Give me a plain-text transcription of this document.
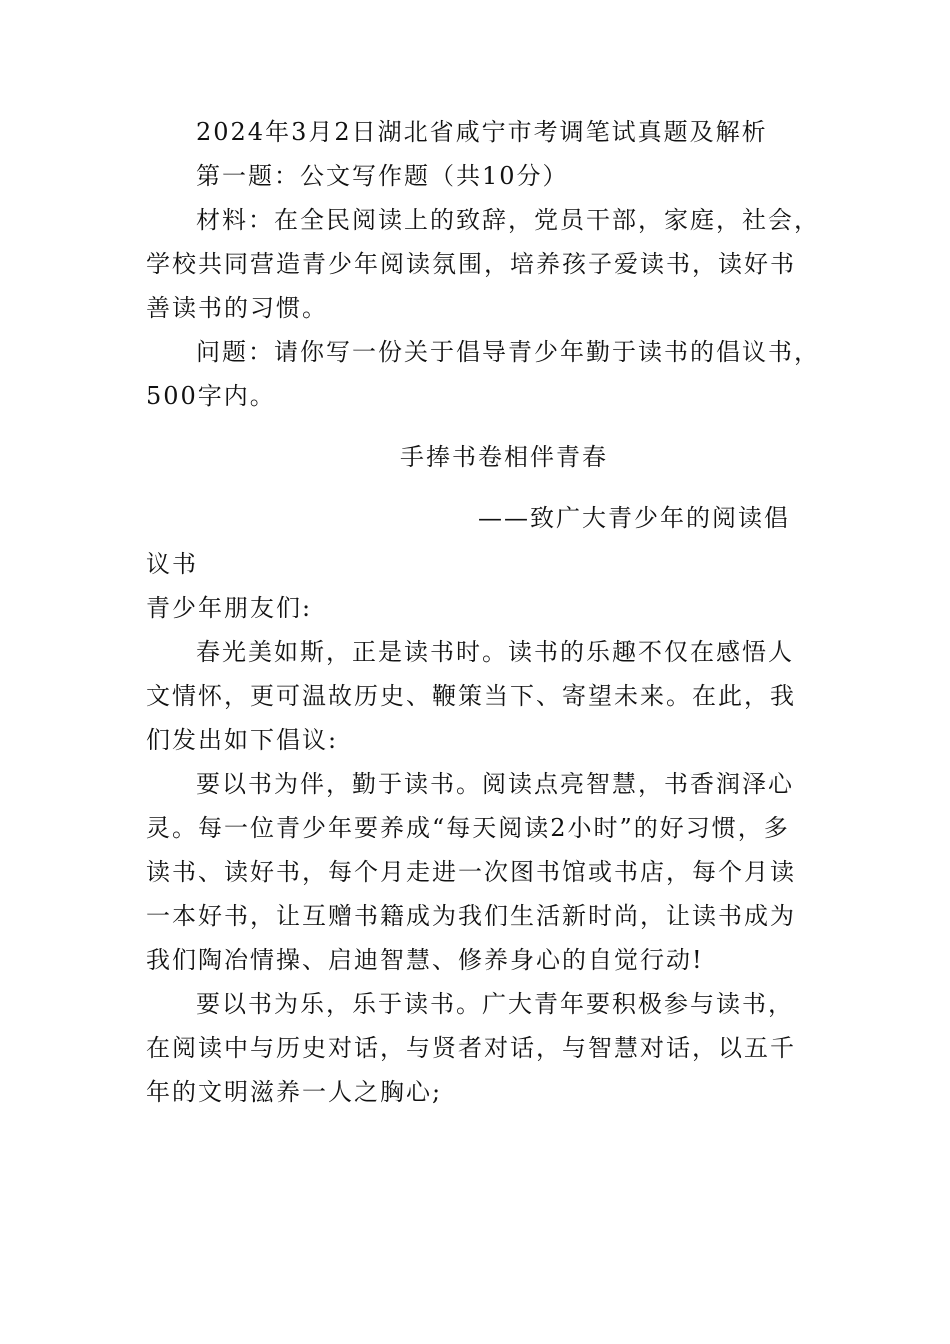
2024年3月2日湖北省咸宁市考调笔试真题及解析
第一题：公文写作题（共10分）
材料：在全民阅读上的致辞，党员干部，家庭，社会，
学校共同营造青少年阅读氛围，培养孩子爱读书，读好书
善读书的习惯。
问题：请你写一份关于倡导青少年勤于读书的倡议书，
500字内。
手捧书卷相伴青春
——致广大青少年的阅读倡
议书
青少年朋友们:
春光美如斯，正是读书时。读书的乐趣不仅在感悟人
文情怀，更可温故历史、鞭策当下、寄望未来。在此，我
们发出如下倡议:
要以书为伴，勤于读书。阅读点亮智慧，书香润泽心
灵。每一位青少年要养成“每天阅读2小时”的好习惯，多
读书、读好书，每个月走进一次图书馆或书店，每个月读
一本好书，让互赠书籍成为我们生活新时尚，让读书成为
我们陶冶情操、启迪智慧、修养身心的自觉行动!
要以书为乐，乐于读书。广大青年要积极参与读书，
在阅读中与历史对话，与贤者对话，与智慧对话，以五千
年的文明滋养一人之胸心;
